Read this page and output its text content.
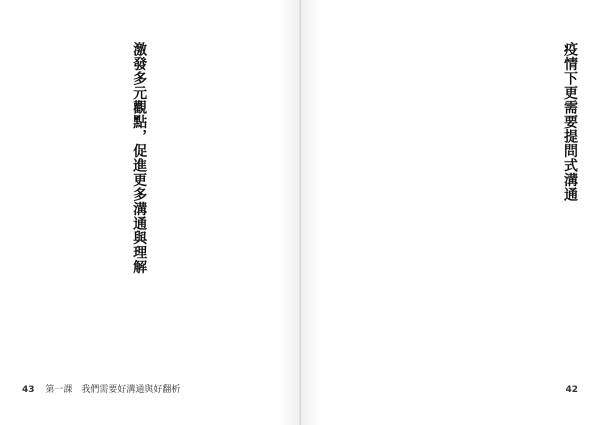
激發多元觀點，促進更多溝通與理解
43 第一課　我們需要好溝通與好翻析
疫情下更需要提問式溝通
42
